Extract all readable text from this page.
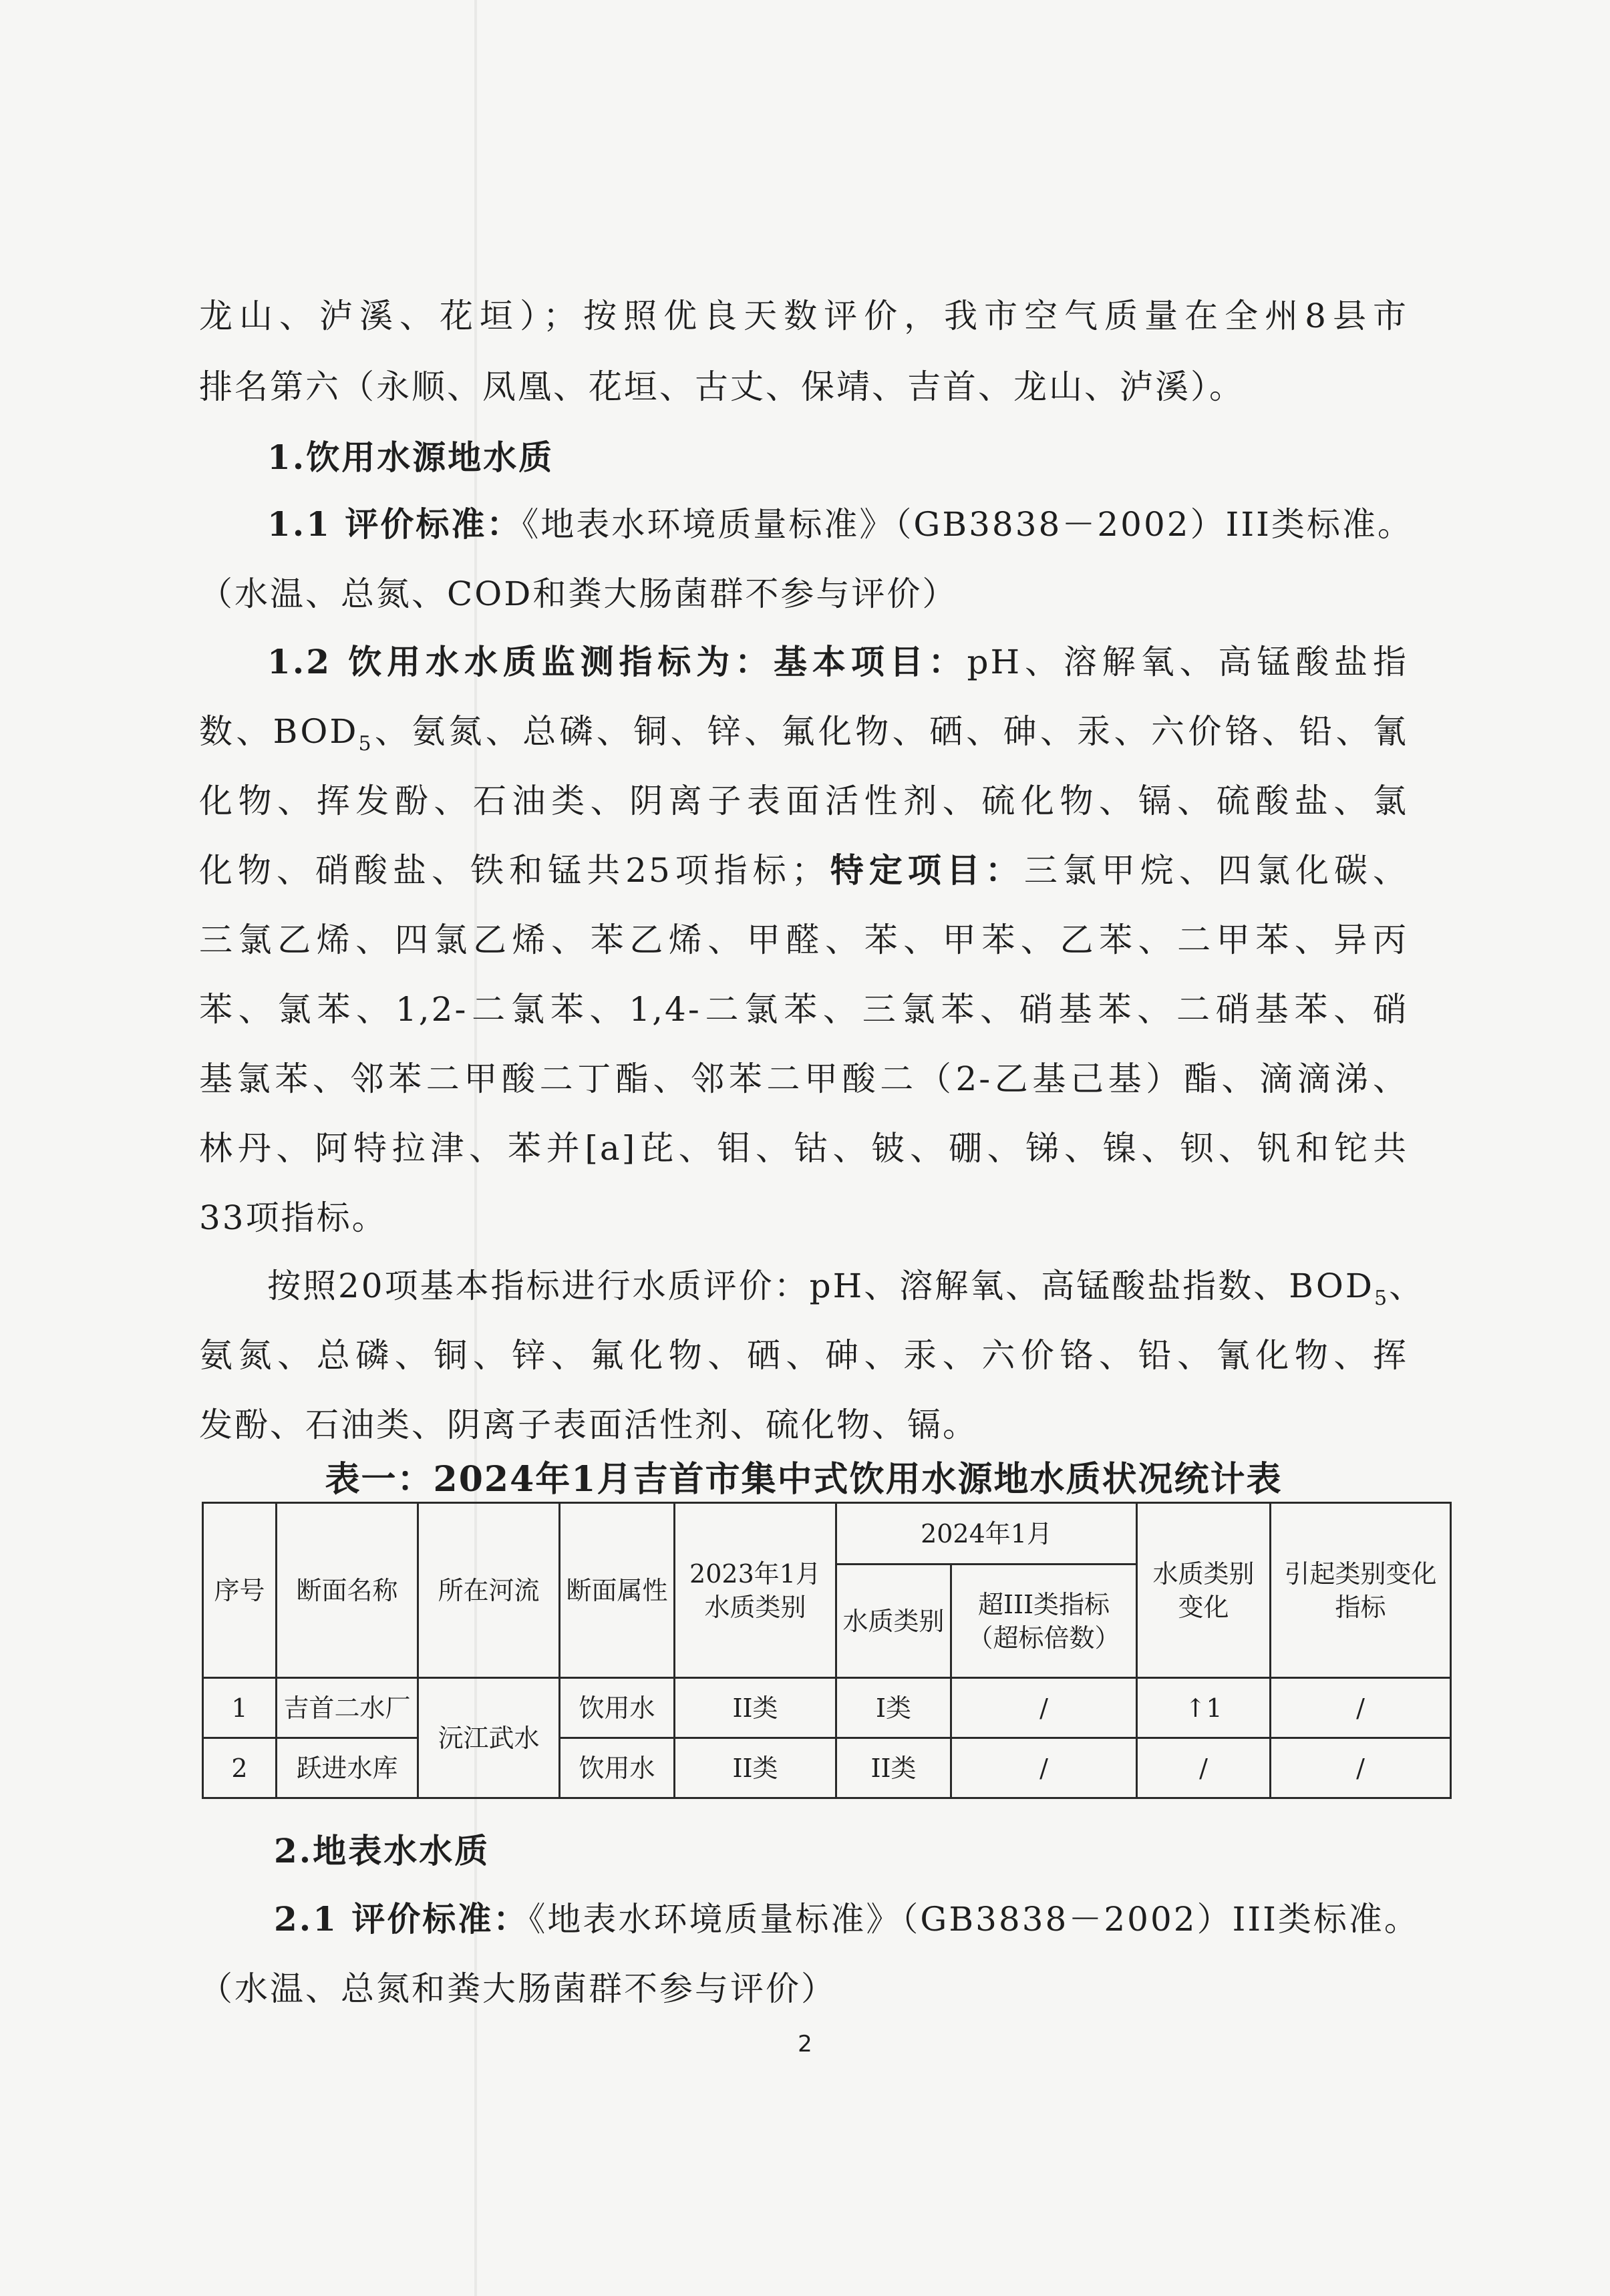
龙山、泸溪、花垣）；按照优良天数评价，我市空气质量在全州8县市
排名第六（永顺、凤凰、花垣、古丈、保靖、吉首、龙山、泸溪）。
1.饮用水源地水质
1.1 评价标准：《地表水环境质量标准》（GB3838－2002）III类标准。
（水温、总氮、COD和粪大肠菌群不参与评价）
1.2 饮用水水质监测指标为：基本项目：pH、溶解氧、高锰酸盐指
数、$BOD_5$、氨氮、总磷、铜、锌、氟化物、硒、砷、汞、六价铬、铅、氰
化物、挥发酚、石油类、阴离子表面活性剂、硫化物、镉、硫酸盐、氯
化物、硝酸盐、铁和锰共25项指标；特定项目：三氯甲烷、四氯化碳、
三氯乙烯、四氯乙烯、苯乙烯、甲醛、苯、甲苯、乙苯、二甲苯、异丙
苯、氯苯、1,2-二氯苯、1,4-二氯苯、三氯苯、硝基苯、二硝基苯、硝
基氯苯、邻苯二甲酸二丁酯、邻苯二甲酸二（2-乙基己基）酯、滴滴涕、
林丹、阿特拉津、苯并[a]芘、钼、钴、铍、硼、锑、镍、钡、钒和铊共
33项指标。
按照20项基本指标进行水质评价：pH、溶解氧、高锰酸盐指数、$BOD_5$、
氨氮、总磷、铜、锌、氟化物、硒、砷、汞、六价铬、铅、氰化物、挥
发酚、石油类、阴离子表面活性剂、硫化物、镉。
表一：2024年1月吉首市集中式饮用水源地水质状况统计表
序号	断面名称	所在河流	断面属性	2023年1月水质类别	2024年1月		水质类别变化	引起类别变化指标
					水质类别	超III类指标（超标倍数）		
1	吉首二水厂	沅江武水	饮用水	II类	I类	/	↑1	/
2	跃进水库		饮用水	II类	II类	/	/	/
2.地表水水质
2.1 评价标准：《地表水环境质量标准》（GB3838－2002）III类标准。
（水温、总氮和粪大肠菌群不参与评价）
2
